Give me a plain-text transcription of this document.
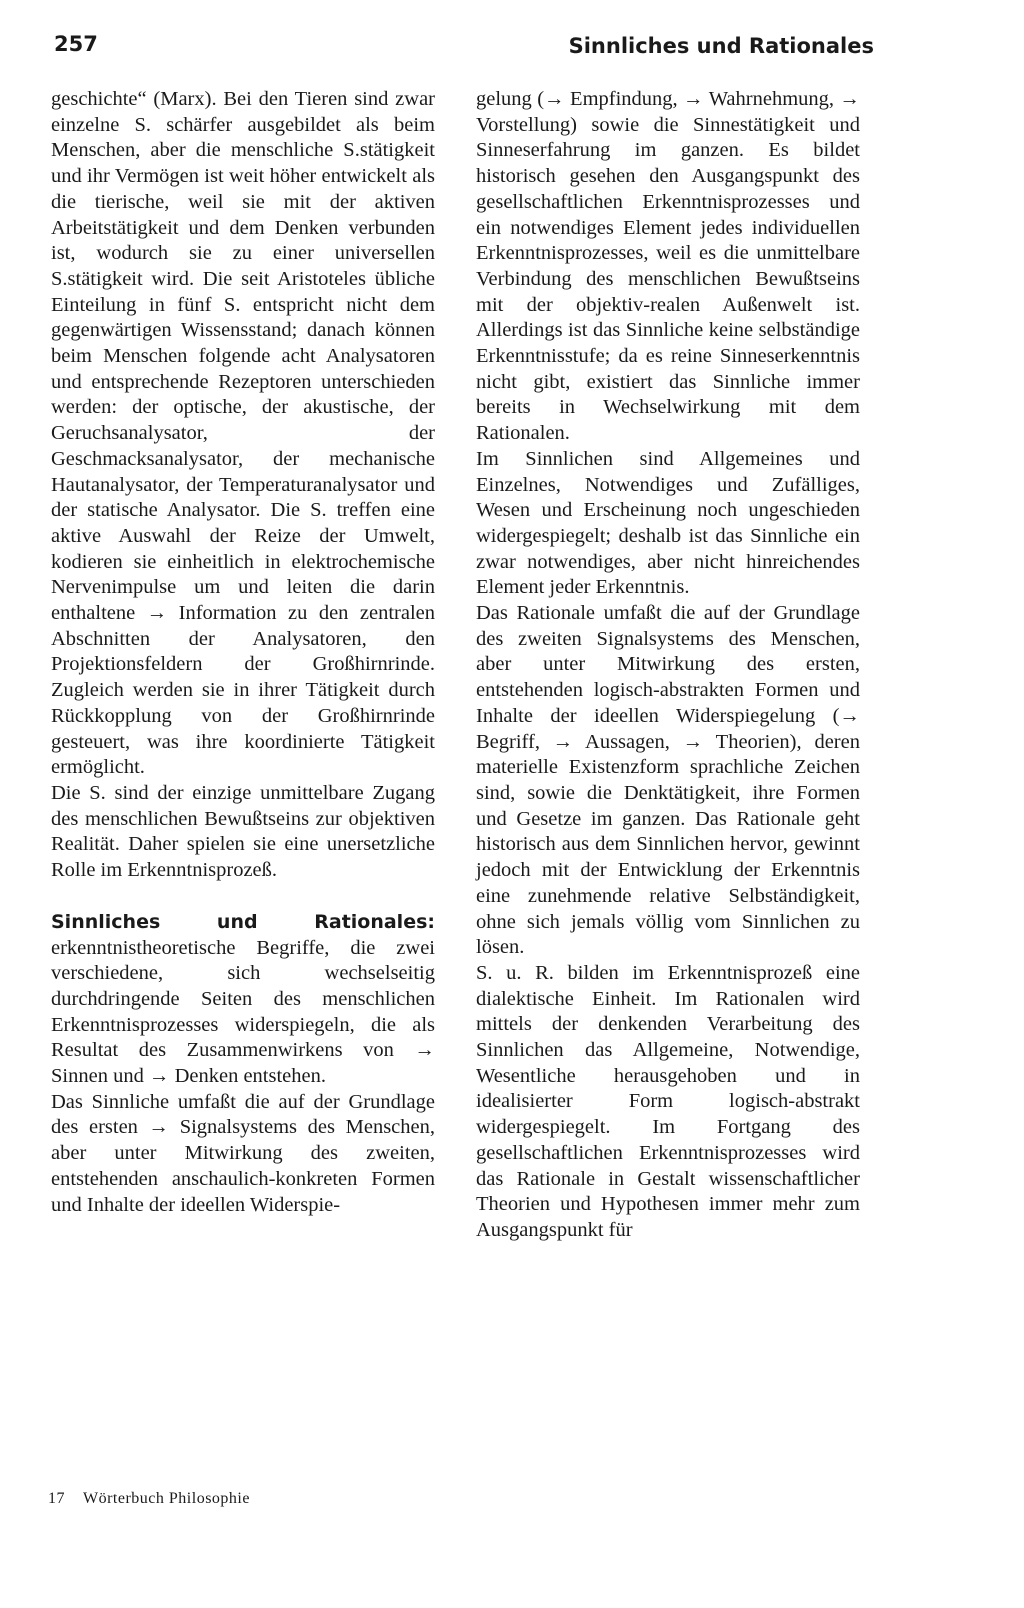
257	Sinnliches und Rationales

geschichte“ (Marx). Bei den Tieren sind zwar einzelne S. schärfer ausgebildet als beim Menschen, aber die menschliche S.stätigkeit und ihr Vermögen ist weit höher entwickelt als die tierische, weil sie mit der aktiven Arbeitstätigkeit und dem Denken verbunden ist, wodurch sie zu einer universellen S.stätigkeit wird. Die seit Aristoteles übliche Einteilung in fünf S. entspricht nicht dem gegenwärtigen Wissensstand; danach können beim Menschen folgende acht Analysatoren und entsprechende Rezeptoren unterschieden werden: der optische, der akustische, der Geruchsanalysator, der Geschmacksanalysator, der mechanische Hautanalysator, der Temperaturanalysator und der statische Analysator. Die S. treffen eine aktive Auswahl der Reize der Umwelt, kodieren sie einheitlich in elektrochemische Nervenimpulse um und leiten die darin enthaltene → Information zu den zentralen Abschnitten der Analysatoren, den Projektionsfeldern der Großhirnrinde. Zugleich werden sie in ihrer Tätigkeit durch Rückkopplung von der Großhirnrinde gesteuert, was ihre koordinierte Tätigkeit ermöglicht.

Die S. sind der einzige unmittelbare Zugang des menschlichen Bewußtseins zur objektiven Realität. Daher spielen sie eine unersetzliche Rolle im Erkenntnisprozeß.

Sinnliches und Rationales: erkenntnistheoretische Begriffe, die zwei verschiedene, sich wechselseitig durchdringende Seiten des menschlichen Erkenntnisprozesses widerspiegeln, die als Resultat des Zusammenwirkens von → Sinnen und → Denken entstehen.

Das Sinnliche umfaßt die auf der Grundlage des ersten → Signalsystems des Menschen, aber unter Mitwirkung des zweiten, entstehenden anschaulich-konkreten Formen und Inhalte der ideellen Widerspie-

gelung (→ Empfindung, → Wahrnehmung, → Vorstellung) sowie die Sinnestätigkeit und Sinneserfahrung im ganzen. Es bildet historisch gesehen den Ausgangspunkt des gesellschaftlichen Erkenntnisprozesses und ein notwendiges Element jedes individuellen Erkenntnisprozesses, weil es die unmittelbare Verbindung des menschlichen Bewußtseins mit der objektiv-realen Außenwelt ist. Allerdings ist das Sinnliche keine selbständige Erkenntnisstufe; da es reine Sinneserkenntnis nicht gibt, existiert das Sinnliche immer bereits in Wechselwirkung mit dem Rationalen.

Im Sinnlichen sind Allgemeines und Einzelnes, Notwendiges und Zufälliges, Wesen und Erscheinung noch ungeschieden widergespiegelt; deshalb ist das Sinnliche ein zwar notwendiges, aber nicht hinreichendes Element jeder Erkenntnis.

Das Rationale umfaßt die auf der Grundlage des zweiten Signalsystems des Menschen, aber unter Mitwirkung des ersten, entstehenden logisch-abstrakten Formen und Inhalte der ideellen Widerspiegelung (→ Begriff, → Aussagen, → Theorien), deren materielle Existenzform sprachliche Zeichen sind, sowie die Denktätigkeit, ihre Formen und Gesetze im ganzen. Das Rationale geht historisch aus dem Sinnlichen hervor, gewinnt jedoch mit der Entwicklung der Erkenntnis eine zunehmende relative Selbständigkeit, ohne sich jemals völlig vom Sinnlichen zu lösen.

S. u. R. bilden im Erkenntnisprozeß eine dialektische Einheit. Im Rationalen wird mittels der denkenden Verarbeitung des Sinnlichen das Allgemeine, Notwendige, Wesentliche herausgehoben und in idealisierter Form logisch-abstrakt widergespiegelt. Im Fortgang des gesellschaftlichen Erkenntnisprozesses wird das Rationale in Gestalt wissenschaftlicher Theorien und Hypothesen immer mehr zum Ausgangspunkt für

17 Wörterbuch Philosophie
